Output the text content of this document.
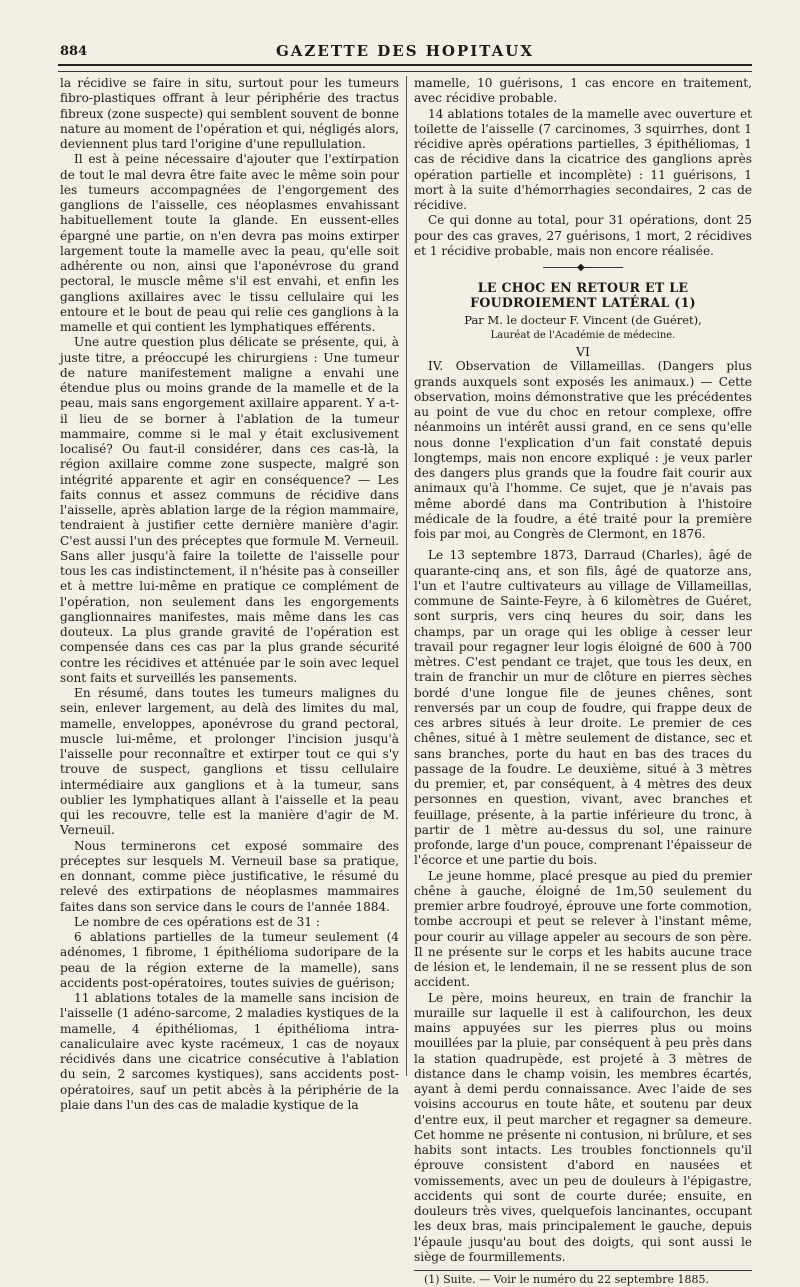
884	GAZETTE DES HOPITAUX

la récidive se faire in situ, surtout pour les tumeurs fibro-plastiques offrant à leur périphérie des tractus fibreux (zone suspecte) qui semblent souvent de bonne nature au moment de l'opération et qui, négligés alors, deviennent plus tard l'origine d'une repullulation.

Il est à peine nécessaire d'ajouter que l'extirpation de tout le mal devra être faite avec le même soin pour les tumeurs accompagnées de l'engorgement des ganglions de l'aisselle, ces néoplasmes envahissant habituellement toute la glande. En eussent-elles épargné une partie, on n'en devra pas moins extirper largement toute la mamelle avec la peau, qu'elle soit adhérente ou non, ainsi que l'aponévrose du grand pectoral, le muscle même s'il est envahi, et enfin les ganglions axillaires avec le tissu cellulaire qui les entoure et le bout de peau qui relie ces ganglions à la mamelle et qui contient les lymphatiques efférents.

Une autre question plus délicate se présente, qui, à juste titre, a préoccupé les chirurgiens : Une tumeur de nature manifestement maligne a envahi une étendue plus ou moins grande de la mamelle et de la peau, mais sans engorgement axillaire apparent. Y a-t-il lieu de se borner à l'ablation de la tumeur mammaire, comme si le mal y était exclusivement localisé? Ou faut-il considérer, dans ces cas-là, la région axillaire comme zone suspecte, malgré son intégrité apparente et agir en conséquence? — Les faits connus et assez communs de récidive dans l'aisselle, après ablation large de la région mammaire, tendraient à justifier cette dernière manière d'agir. C'est aussi l'un des préceptes que formule M. Verneuil. Sans aller jusqu'à faire la toilette de l'aisselle pour tous les cas indistinctement, il n'hésite pas à conseiller et à mettre lui-même en pratique ce complément de l'opération, non seulement dans les engorgements ganglionnaires manifestes, mais même dans les cas douteux. La plus grande gravité de l'opération est compensée dans ces cas par la plus grande sécurité contre les récidives et atténuée par le soin avec lequel sont faits et surveillés les pansements.

En résumé, dans toutes les tumeurs malignes du sein, enlever largement, au delà des limites du mal, mamelle, enveloppes, aponévrose du grand pectoral, muscle lui-même, et prolonger l'incision jusqu'à l'aisselle pour reconnaître et extirper tout ce qui s'y trouve de suspect, ganglions et tissu cellulaire intermédiaire aux ganglions et à la tumeur, sans oublier les lymphatiques allant à l'aisselle et la peau qui les recouvre, telle est la manière d'agir de M. Verneuil.

Nous terminerons cet exposé sommaire des préceptes sur lesquels M. Verneuil base sa pratique, en donnant, comme pièce justificative, le résumé du relevé des extirpations de néoplasmes mammaires faites dans son service dans le cours de l'année 1884.

Le nombre de ces opérations est de 31 :

6 ablations partielles de la tumeur seulement (4 adénomes, 1 fibrome, 1 épithélioma sudoripare de la peau de la région externe de la mamelle), sans accidents post-opératoires, toutes suivies de guérison;

11 ablations totales de la mamelle sans incision de l'aisselle (1 adéno-sarcome, 2 maladies kystiques de la mamelle, 4 épithéliomas, 1 épithélioma intra-canaliculaire avec kyste racémeux, 1 cas de noyaux récidivés dans une cicatrice consécutive à l'ablation du sein, 2 sarcomes kystiques), sans accidents post-opératoires, sauf un petit abcès à la périphérie de la plaie dans l'un des cas de maladie kystique de la

mamelle, 10 guérisons, 1 cas encore en traitement, avec récidive probable.

14 ablations totales de la mamelle avec ouverture et toilette de l'aisselle (7 carcinomes, 3 squirrhes, dont 1 récidive après opérations partielles, 3 épithéliomas, 1 cas de récidive dans la cicatrice des ganglions après opération partielle et incomplète) : 11 guérisons, 1 mort à la suite d'hémorrhagies secondaires, 2 cas de récidive.

Ce qui donne au total, pour 31 opérations, dont 25 pour des cas graves, 27 guérisons, 1 mort, 2 récidives et 1 récidive probable, mais non encore réalisée.

◆
LE CHOC EN RETOUR ET LE FOUDROIEMENT LATÉRAL (1)
Par M. le docteur F. Vincent (de Guéret),
Lauréat de l'Académie de médecine.
VI

IV. Observation de Villameillas. (Dangers plus grands auxquels sont exposés les animaux.) — Cette observation, moins démonstrative que les précédentes au point de vue du choc en retour complexe, offre néanmoins un intérêt aussi grand, en ce sens qu'elle nous donne l'explication d'un fait constaté depuis longtemps, mais non encore expliqué : je veux parler des dangers plus grands que la foudre fait courir aux animaux qu'à l'homme. Ce sujet, que je n'avais pas même abordé dans ma Contribution à l'histoire médicale de la foudre, a été traité pour la première fois par moi, au Congrès de Clermont, en 1876.

Le 13 septembre 1873, Darraud (Charles), âgé de quarante-cinq ans, et son fils, âgé de quatorze ans, l'un et l'autre cultivateurs au village de Villameillas, commune de Sainte-Feyre, à 6 kilomètres de Guéret, sont surpris, vers cinq heures du soir, dans les champs, par un orage qui les oblige à cesser leur travail pour regagner leur logis éloigné de 600 à 700 mètres. C'est pendant ce trajet, que tous les deux, en train de franchir un mur de clôture en pierres sèches bordé d'une longue file de jeunes chênes, sont renversés par un coup de foudre, qui frappe deux de ces arbres situés à leur droite. Le premier de ces chênes, situé à 1 mètre seulement de distance, sec et sans branches, porte du haut en bas des traces du passage de la foudre. Le deuxième, situé à 3 mètres du premier, et, par conséquent, à 4 mètres des deux personnes en question, vivant, avec branches et feuillage, présente, à la partie inférieure du tronc, à partir de 1 mètre au-dessus du sol, une rainure profonde, large d'un pouce, comprenant l'épaisseur de l'écorce et une partie du bois.

Le jeune homme, placé presque au pied du premier chêne à gauche, éloigné de 1m,50 seulement du premier arbre foudroyé, éprouve une forte commotion, tombe accroupi et peut se relever à l'instant même, pour courir au village appeler au secours de son père. Il ne présente sur le corps et les habits aucune trace de lésion et, le lendemain, il ne se ressent plus de son accident.

Le père, moins heureux, en train de franchir la muraille sur laquelle il est à califourchon, les deux mains appuyées sur les pierres plus ou moins mouillées par la pluie, par conséquent à peu près dans la station quadrupède, est projeté à 3 mètres de distance dans le champ voisin, les membres écartés, ayant à demi perdu connaissance. Avec l'aide de ses voisins accourus en toute hâte, et soutenu par deux d'entre eux, il peut marcher et regagner sa demeure. Cet homme ne présente ni contusion, ni brûlure, et ses habits sont intacts. Les troubles fonctionnels qu'il éprouve consistent d'abord en nausées et vomissements, avec un peu de douleurs à l'épigastre, accidents qui sont de courte durée; ensuite, en douleurs très vives, quelquefois lancinantes, occupant les deux bras, mais principalement le gauche, depuis l'épaule jusqu'au bout des doigts, qui sont aussi le siège de fourmillements.

(1) Suite. — Voir le numéro du 22 septembre 1885.
